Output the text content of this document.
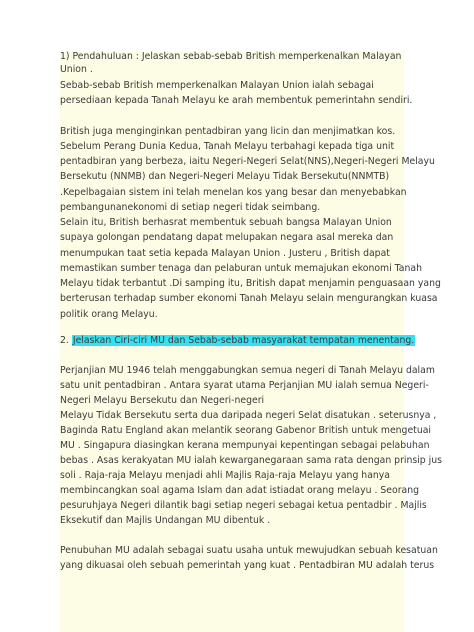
1) Pendahuluan : Jelaskan sebab-sebab British memperkenalkan Malayan
Union .
Sebab-sebab British memperkenalkan Malayan Union ialah sebagai
persediaan kepada Tanah Melayu ke arah membentuk pemerintahn sendiri.
British juga menginginkan pentadbiran yang licin dan menjimatkan kos.
Sebelum Perang Dunia Kedua, Tanah Melayu terbahagi kepada tiga unit
pentadbiran yang berbeza, iaitu Negeri-Negeri Selat(NNS),Negeri-Negeri Melayu
Bersekutu (NNMB) dan Negeri-Negeri Melayu Tidak Bersekutu(NNMTB)
.Kepelbagaian sistem ini telah menelan kos yang besar dan menyebabkan
pembangunanekonomi di setiap negeri tidak seimbang.
Selain itu, British berhasrat membentuk sebuah bangsa Malayan Union
supaya golongan pendatang dapat melupakan negara asal mereka dan
menumpukan taat setia kepada Malayan Union . Justeru , British dapat
memastikan sumber tenaga dan pelaburan untuk memajukan ekonomi Tanah
Melayu tidak terbantut .Di samping itu, British dapat menjamin penguasaan yang
berterusan terhadap sumber ekonomi Tanah Melayu selain mengurangkan kuasa
politik orang Melayu.
2. Jelaskan Ciri-ciri MU dan Sebab-sebab masyarakat tempatan menentang.
Perjanjian MU 1946 telah menggabungkan semua negeri di Tanah Melayu dalam
satu unit pentadbiran . Antara syarat utama Perjanjian MU ialah semua Negeri-
Negeri Melayu Bersekutu dan Negeri-negeri
Melayu Tidak Bersekutu serta dua daripada negeri Selat disatukan . seterusnya ,
Baginda Ratu England akan melantik seorang Gabenor British untuk mengetuai
MU . Singapura diasingkan kerana mempunyai kepentingan sebagai pelabuhan
bebas . Asas kerakyatan MU ialah kewarganegaraan sama rata dengan prinsip jus
soli . Raja-raja Melayu menjadi ahli Majlis Raja-raja Melayu yang hanya
membincangkan soal agama Islam dan adat istiadat orang melayu . Seorang
pesuruhjaya Negeri dilantik bagi setiap negeri sebagai ketua pentadbir . Majlis
Eksekutif dan Majlis Undangan MU dibentuk .
Penubuhan MU adalah sebagai suatu usaha untuk mewujudkan sebuah kesatuan
yang dikuasai oleh sebuah pemerintah yang kuat . Pentadbiran MU adalah terus
